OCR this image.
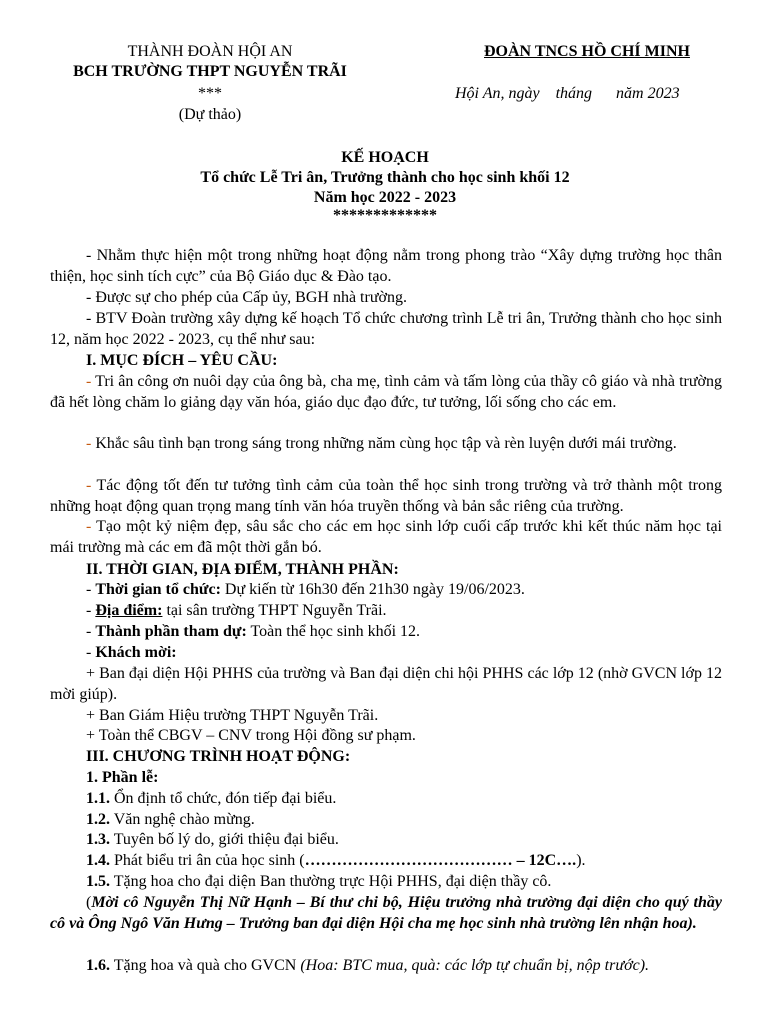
THÀNH ĐOÀN HỘI AN
BCH TRƯỜNG THPT NGUYỄN TRÃI
***
(Dự thảo)
ĐOÀN TNCS HỒ CHÍ MINH
Hội An, ngày    tháng      năm 2023
KẾ HOẠCH
Tổ chức Lễ Tri ân, Trưởng thành cho học sinh khối 12
Năm học 2022 - 2023
*************
- Nhằm thực hiện một trong những hoạt động nằm trong phong trào “Xây dựng trường học thân thiện, học sinh tích cực” của Bộ Giáo dục & Đào tạo.
- Được sự cho phép của Cấp ủy, BGH nhà trường.
- BTV Đoàn trường xây dựng kế hoạch Tổ chức chương trình Lễ tri ân, Trưởng thành cho học sinh 12, năm học 2022 - 2023, cụ thể như sau:
I. MỤC ĐÍCH – YÊU CẦU:
- Tri ân công ơn nuôi dạy của ông bà, cha mẹ, tình cảm và tấm lòng của thầy cô giáo và nhà trường đã hết lòng chăm lo giảng dạy văn hóa, giáo dục đạo đức, tư tưởng, lối sống cho các em.
- Khắc sâu tình bạn trong sáng trong những năm cùng học tập và rèn luyện dưới mái trường.
- Tác động tốt đến tư tưởng tình cảm của toàn thể học sinh trong trường và trở thành một trong những hoạt động quan trọng mang tính văn hóa truyền thống và bản sắc riêng của trường.
- Tạo một kỷ niệm đẹp, sâu sắc cho các em học sinh lớp cuối cấp trước khi kết thúc năm học tại mái trường mà các em đã một thời gắn bó.
II. THỜI GIAN, ĐỊA ĐIỂM, THÀNH PHẦN:
- Thời gian tổ chức: Dự kiến từ 16h30 đến 21h30 ngày 19/06/2023.
- Địa điểm: tại sân trường THPT Nguyễn Trãi.
- Thành phần tham dự: Toàn thể học sinh khối 12.
- Khách mời:
+ Ban đại diện Hội PHHS của trường và Ban đại diện chi hội PHHS các lớp 12 (nhờ GVCN lớp 12 mời giúp).
+ Ban Giám Hiệu trường THPT Nguyễn Trãi.
+ Toàn thể CBGV – CNV trong Hội đồng sư phạm.
III. CHƯƠNG TRÌNH HOẠT ĐỘNG:
1. Phần lễ:
1.1. Ổn định tổ chức, đón tiếp đại biểu.
1.2. Văn nghệ chào mừng.
1.3. Tuyên bố lý do, giới thiệu đại biểu.
1.4. Phát biểu tri ân của học sinh (………………………………… – 12C….).
1.5. Tặng hoa cho đại diện Ban thường trực Hội PHHS, đại diện thầy cô.
(Mời cô Nguyễn Thị Nữ Hạnh – Bí thư chi bộ, Hiệu trưởng nhà trường đại diện cho quý thầy cô và Ông Ngô Văn Hưng – Trưởng ban đại diện Hội cha mẹ học sinh nhà trường lên nhận hoa).
1.6. Tặng hoa và quà cho GVCN (Hoa: BTC mua, quà: các lớp tự chuẩn bị, nộp trước).
